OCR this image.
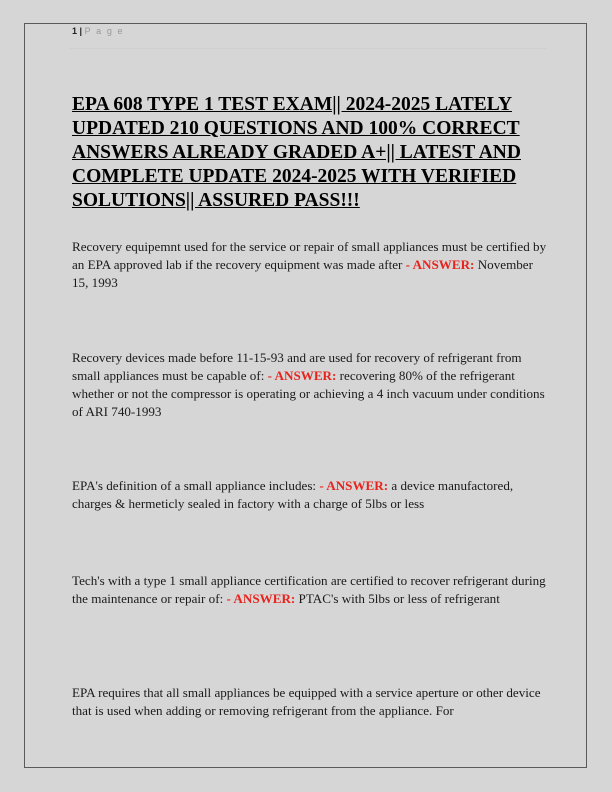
1 | P a g e
EPA 608 TYPE 1 TEST EXAM|| 2024-2025 LATELY UPDATED 210 QUESTIONS AND 100% CORRECT ANSWERS ALREADY GRADED A+|| LATEST AND COMPLETE UPDATE 2024-2025 WITH VERIFIED SOLUTIONS|| ASSURED PASS!!!

Recovery equipemnt used for the service or repair of small appliances must be certified by an EPA approved lab if the recovery equipment was made after - ANSWER: November 15, 1993

Recovery devices made before 11-15-93 and are used for recovery of refrigerant from small appliances must be capable of: - ANSWER: recovering 80% of the refrigerant whether or not the compressor is operating or achieving a 4 inch vacuum under conditions of ARI 740-1993

EPA's definition of a small appliance includes: - ANSWER: a device manufactored, charges & hermeticly sealed in factory with a charge of 5lbs or less

Tech's with a type 1 small appliance certification are certified to recover refrigerant during the maintenance or repair of: - ANSWER: PTAC's with 5lbs or less of refrigerant

EPA requires that all small appliances be equipped with a service aperture or other device that is used when adding or removing refrigerant from the appliance. For
